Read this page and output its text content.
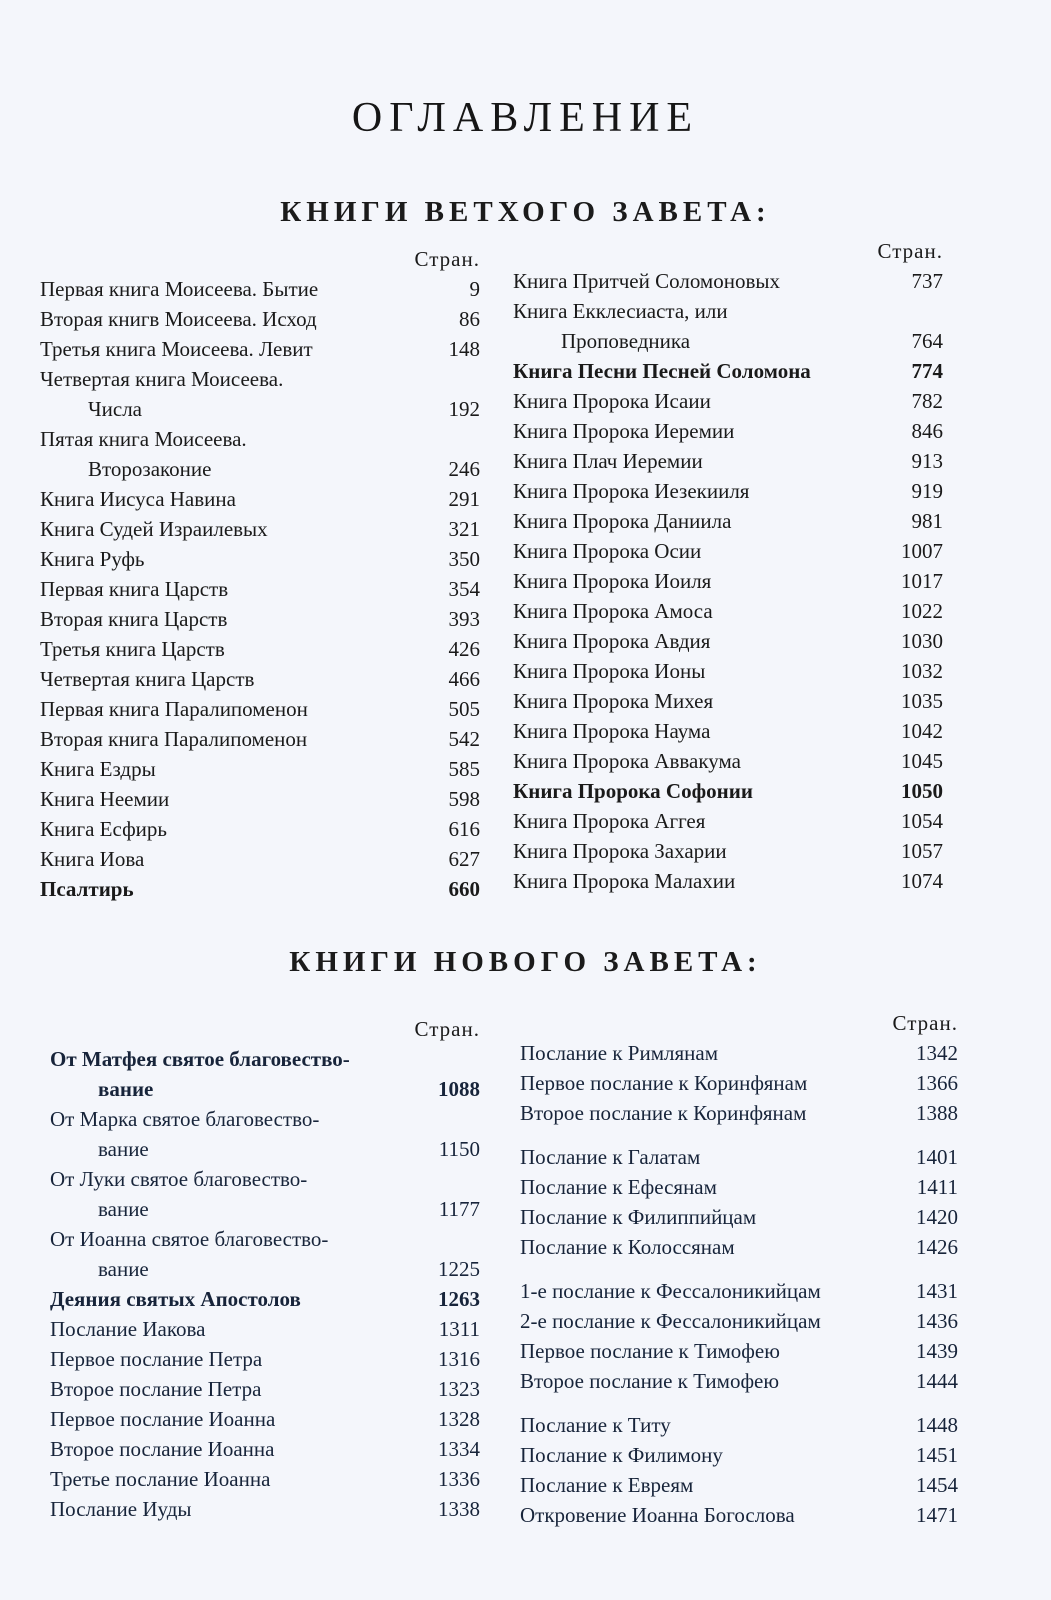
ОГЛАВЛЕНИЕ
КНИГИ ВЕТХОГО ЗАВЕТА:
Стран.
Первая книга Моисеева. Бытие	9
Вторая книгв Моисеева. Исход	86
Третья книга Моисеева. Левит	148
Четвертая книга Моисеева.
Числа	192
Пятая книга Моисеева.
Второзаконие	246
Книга Иисуса Навина	291
Книга Судей Израилевых	321
Книга Руфь	350
Первая книга Царств	354
Вторая книга Царств	393
Третья книга Царств	426
Четвертая книга Царств	466
Первая книга Паралипоменон	505
Вторая книга Паралипоменон	542
Книга Ездры	585
Книга Неемии	598
Книга Есфирь	616
Книга Иова	627
Псалтирь	660
Стран.
Книга Притчей Соломоновых	737
Книга Екклесиаста, или
Проповедника	764
Книга Песни Песней Соломона	774
Книга Пророка Исаии	782
Книга Пророка Иеремии	846
Книга Плач Иеремии	913
Книга Пророка Иезекииля	919
Книга Пророка Даниила	981
Книга Пророка Осии	1007
Книга Пророка Иоиля	1017
Книга Пророка Амоса	1022
Книга Пророка Авдия	1030
Книга Пророка Ионы	1032
Книга Пророка Михея	1035
Книга Пророка Наума	1042
Книга Пророка Аввакума	1045
Книга Пророка Софонии	1050
Книга Пророка Аггея	1054
Книга Пророка Захарии	1057
Книга Пророка Малахии	1074
КНИГИ НОВОГО ЗАВЕТА:
Стран.
От Матфея святое благовество-
вание	1088
От Марка святое благовество-
вание	1150
От Луки святое благовество-
вание	1177
От Иоанна святое благовество-
вание	1225
Деяния святых Апостолов	1263
Послание Иакова	1311
Первое послание Петра	1316
Второе послание Петра	1323
Первое послание Иоанна	1328
Второе послание Иоанна	1334
Третье послание Иоанна	1336
Послание Иуды	1338
Стран.
Послание к Римлянам	1342
Первое послание к Коринфянам	1366
Второе послание к Коринфянам	1388
Послание к Галатам	1401
Послание к Ефесянам	1411
Послание к Филиппийцам	1420
Послание к Колоссянам	1426
1-е послание к Фессалоникийцам	1431
2-е послание к Фессалоникийцам	1436
Первое послание к Тимофею	1439
Второе послание к Тимофею	1444
Послание к Титу	1448
Послание к Филимону	1451
Послание к Евреям	1454
Откровение Иоанна Богослова	1471
